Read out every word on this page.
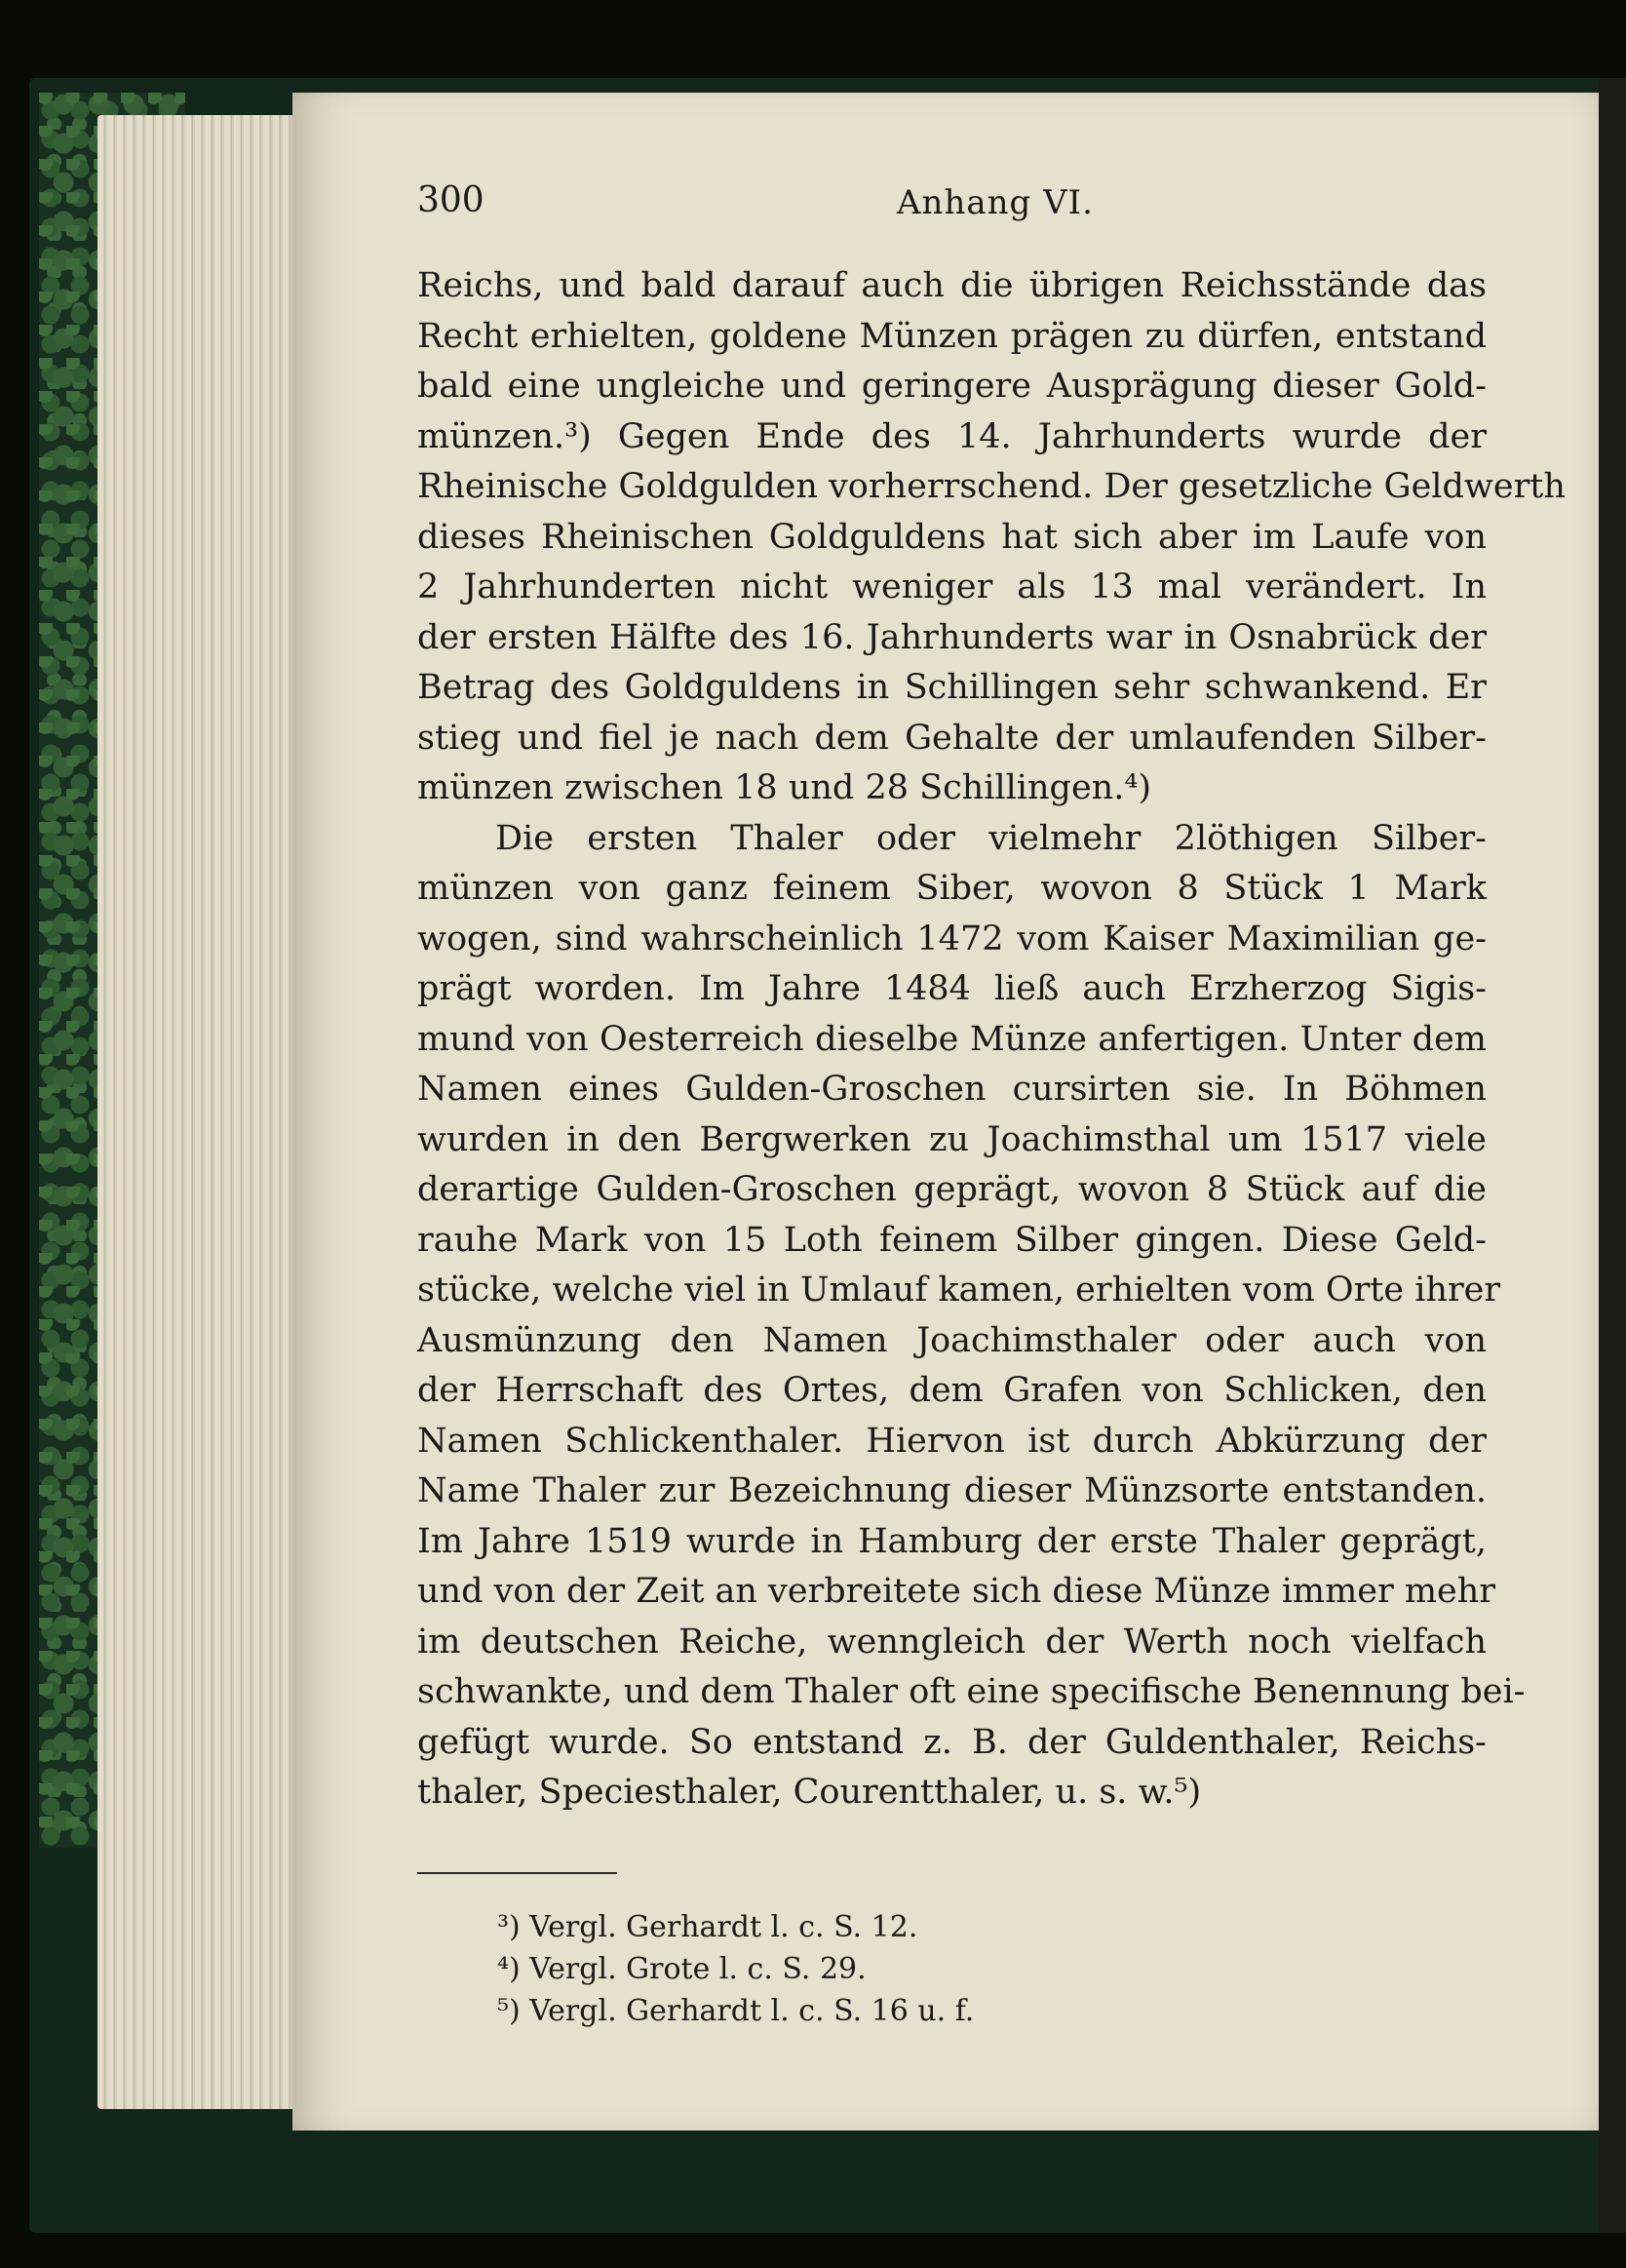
300	Anhang VI.
Reichs, und bald darauf auch die übrigen Reichsstände das
Recht erhielten, goldene Münzen prägen zu dürfen, entstand
bald eine ungleiche und geringere Ausprägung dieser Gold-
münzen.³) Gegen Ende des 14. Jahrhunderts wurde der
Rheinische Goldgulden vorherrschend. Der gesetzliche Geldwerth
dieses Rheinischen Goldguldens hat sich aber im Laufe von
2 Jahrhunderten nicht weniger als 13 mal verändert. In
der ersten Hälfte des 16. Jahrhunderts war in Osnabrück der
Betrag des Goldguldens in Schillingen sehr schwankend. Er
stieg und fiel je nach dem Gehalte der umlaufenden Silber-
münzen zwischen 18 und 28 Schillingen.⁴)
Die ersten Thaler oder vielmehr 2löthigen Silber-
münzen von ganz feinem Siber, wovon 8 Stück 1 Mark
wogen, sind wahrscheinlich 1472 vom Kaiser Maximilian ge-
prägt worden. Im Jahre 1484 ließ auch Erzherzog Sigis-
mund von Oesterreich dieselbe Münze anfertigen. Unter dem
Namen eines Gulden-Groschen cursirten sie. In Böhmen
wurden in den Bergwerken zu Joachimsthal um 1517 viele
derartige Gulden-Groschen geprägt, wovon 8 Stück auf die
rauhe Mark von 15 Loth feinem Silber gingen. Diese Geld-
stücke, welche viel in Umlauf kamen, erhielten vom Orte ihrer
Ausmünzung den Namen Joachimsthaler oder auch von
der Herrschaft des Ortes, dem Grafen von Schlicken, den
Namen Schlickenthaler. Hiervon ist durch Abkürzung der
Name Thaler zur Bezeichnung dieser Münzsorte entstanden.
Im Jahre 1519 wurde in Hamburg der erste Thaler geprägt,
und von der Zeit an verbreitete sich diese Münze immer mehr
im deutschen Reiche, wenngleich der Werth noch vielfach
schwankte, und dem Thaler oft eine specifische Benennung bei-
gefügt wurde. So entstand z. B. der Guldenthaler, Reichs-
thaler, Speciesthaler, Courentthaler, u. s. w.⁵)
³) Vergl. Gerhardt l. c. S. 12.
⁴) Vergl. Grote l. c. S. 29.
⁵) Vergl. Gerhardt l. c. S. 16 u. f.
